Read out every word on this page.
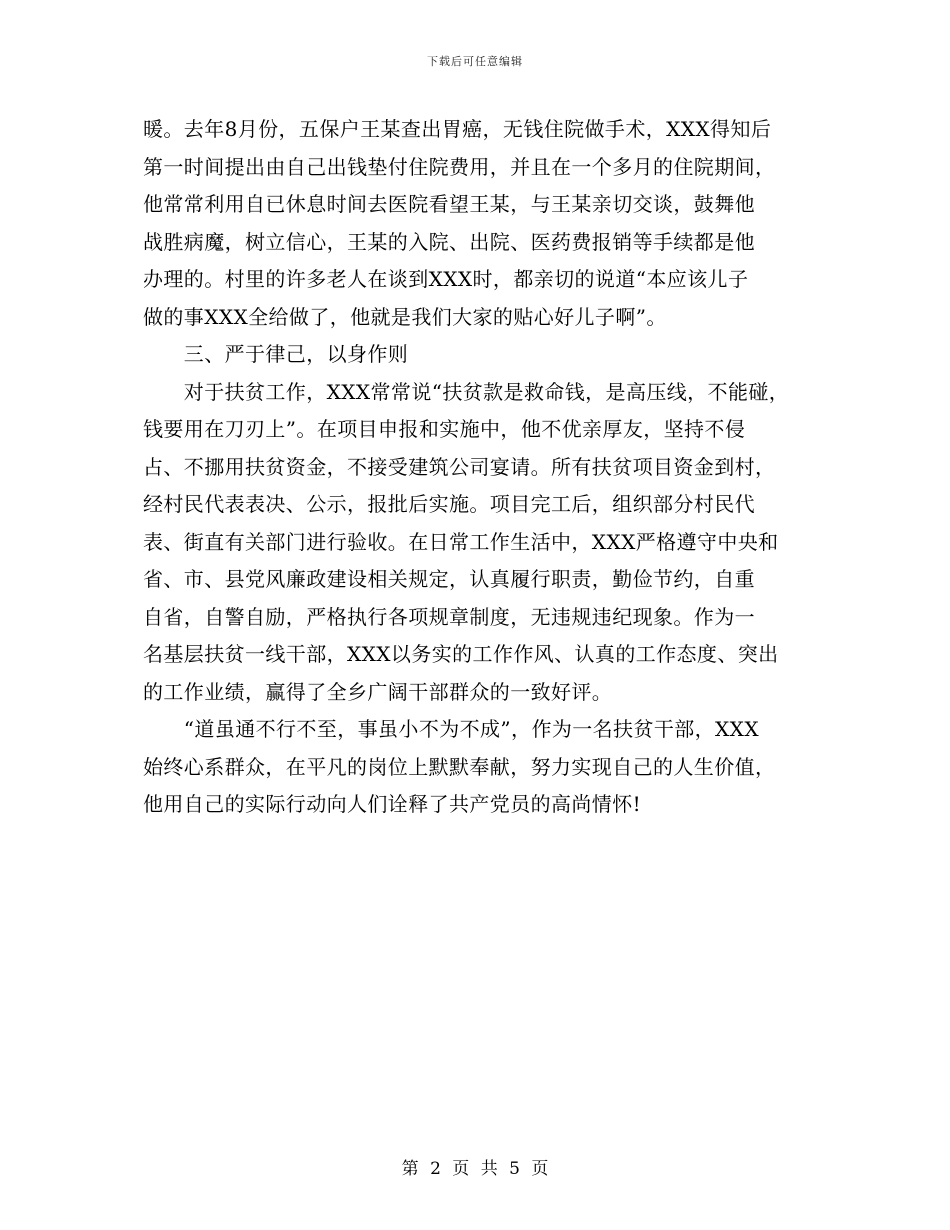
下载后可任意编辑
暖。去年8月份，五保户王某查出胃癌，无钱住院做手术，XXX得知后
第一时间提出由自己出钱垫付住院费用，并且在一个多月的住院期间，
他常常利用自已休息时间去医院看望王某，与王某亲切交谈，鼓舞他
战胜病魔，树立信心，王某的入院、出院、医药费报销等手续都是他
办理的。村里的许多老人在谈到XXX时，都亲切的说道“本应该儿子
做的事XXX全给做了，他就是我们大家的贴心好儿子啊”。
　　三、严于律己，以身作则
　　对于扶贫工作，XXX常常说“扶贫款是救命钱，是高压线，不能碰，
钱要用在刀刃上”。在项目申报和实施中，他不优亲厚友，坚持不侵
占、不挪用扶贫资金，不接受建筑公司宴请。所有扶贫项目资金到村，
经村民代表表决、公示，报批后实施。项目完工后，组织部分村民代
表、街直有关部门进行验收。在日常工作生活中，XXX严格遵守中央和
省、市、县党风廉政建设相关规定，认真履行职责，勤俭节约，自重
自省，自警自励，严格执行各项规章制度，无违规违纪现象。作为一
名基层扶贫一线干部，XXX以务实的工作作风、认真的工作态度、突出
的工作业绩，赢得了全乡广阔干部群众的一致好评。
　　“道虽通不行不至，事虽小不为不成”，作为一名扶贫干部，XXX
始终心系群众，在平凡的岗位上默默奉献，努力实现自己的人生价值，
他用自己的实际行动向人们诠释了共产党员的高尚情怀!
第 2 页 共 5 页
